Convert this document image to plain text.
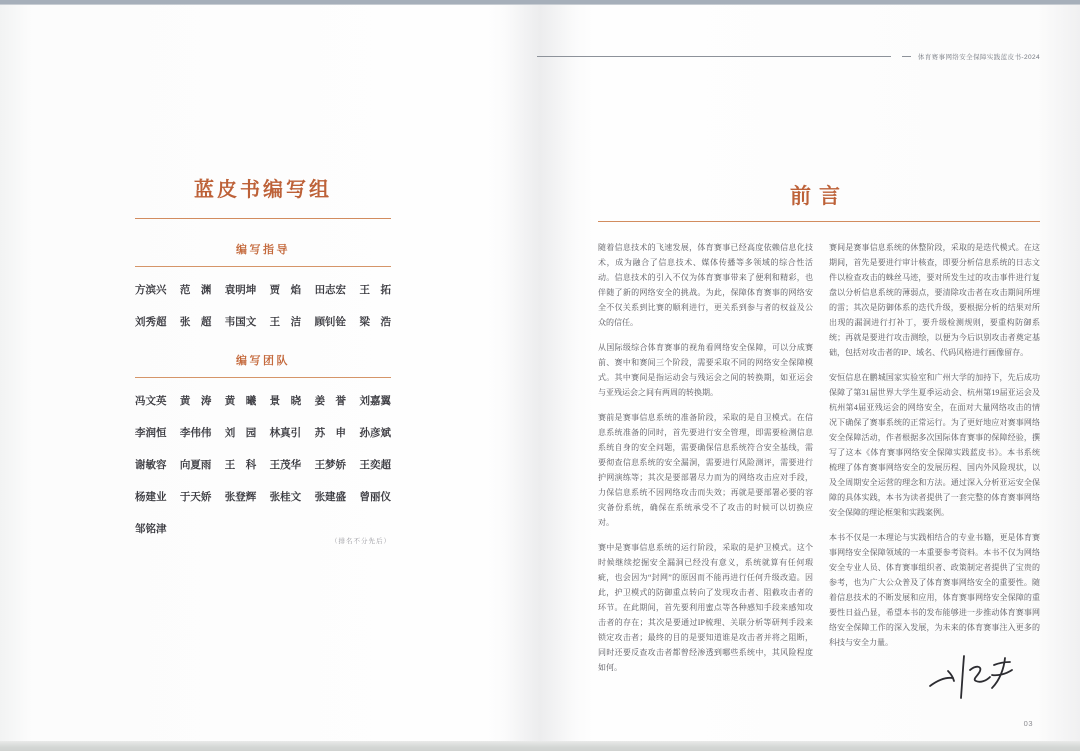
体育赛事网络安全保障实践蓝皮书-2024
蓝皮书编写组
编写指导
方滨兴 范　渊 袁明坤 贾　焰 田志宏 王　拓
刘秀超 张　超 韦国文 王　洁 顾钊铨 梁　浩
编写团队
冯文英 黄　涛 黄　曦 景　晓 姜　誉 刘嘉翼
李润恒 李伟伟 刘　园 林真引 苏　申 孙彦斌
谢敏容 向夏雨 王　科 王茂华 王梦娇 王奕超
杨建业 于天娇 张登辉 张桂文 张建盛 曾丽仪
邹铭津
（排名不分先后）
前言

随着信息技术的飞速发展，体育赛事已经高度依赖信息化技术，成为融合了信息技术、媒体传播等多领域的综合性活动。信息技术的引入不仅为体育赛事带来了便利和精彩，也伴随了新的网络安全的挑战。为此，保障体育赛事的网络安全不仅关系到比赛的顺利进行，更关系到参与者的权益及公众的信任。

从国际级综合体育赛事的视角看网络安全保障，可以分成赛前、赛中和赛间三个阶段，需要采取不同的网络安全保障模式。其中赛间是指运动会与残运会之间的转换期，如亚运会与亚残运会之间有两周的转换期。

赛前是赛事信息系统的准备阶段，采取的是自卫模式。在信息系统准备的同时，首先要进行安全管理，即需要检测信息系统自身的安全问题，需要确保信息系统符合安全基线，需要彻查信息系统的安全漏洞，需要进行风险测评，需要进行护网演练等；其次是要部署尽力而为的网络攻击应对手段，力保信息系统不因网络攻击而失效；再就是要部署必要的容灾备份系统，确保在系统承受不了攻击的时候可以切换应对。

赛中是赛事信息系统的运行阶段，采取的是护卫模式。这个时候继续挖掘安全漏洞已经没有意义，系统就算有任何瑕疵，也会因为“封网”的原因而不能再进行任何升级改造。因此，护卫模式的防御重点转向了发现攻击者、阻截攻击者的环节。在此期间，首先要利用蜜点等各种感知手段来感知攻击者的存在；其次是要通过IP梳理、关联分析等研判手段来锁定攻击者；最终的目的是要知道谁是攻击者并将之阻断，同时还要反查攻击者都曾经渗透到哪些系统中，其风险程度如何。

赛间是赛事信息系统的休整阶段，采取的是迭代模式。在这期间，首先是要进行审计核查，即要分析信息系统的日志文件以检查攻击的蛛丝马迹，要对所发生过的攻击事件进行复盘以分析信息系统的薄弱点，要清除攻击者在攻击期间所埋的雷；其次是防御体系的迭代升级，要根据分析的结果对所出现的漏洞进行打补丁，要升级检测规则，要重构防御系统；再就是要进行攻击测绘，以便为今后识别攻击者奠定基础，包括对攻击者的IP、域名、代码风格进行画像留存。

安恒信息在鹏城国家实验室和广州大学的加持下，先后成功保障了第31届世界大学生夏季运动会、杭州第19届亚运会及杭州第4届亚残运会的网络安全，在面对大量网络攻击的情况下确保了赛事系统的正常运行。为了更好地应对赛事网络安全保障活动，作者根据多次国际体育赛事的保障经验，撰写了这本《体育赛事网络安全保障实践蓝皮书》。本书系统梳理了体育赛事网络安全的发展历程、国内外风险现状，以及全周期安全运营的理念和方法。通过深入分析亚运安全保障的具体实践，本书为读者提供了一套完整的体育赛事网络安全保障的理论框架和实践案例。

本书不仅是一本理论与实践相结合的专业书籍，更是体育赛事网络安全保障领域的一本重要参考资料。本书不仅为网络安全专业人员、体育赛事组织者、政策制定者提供了宝贵的参考，也为广大公众普及了体育赛事网络安全的重要性。随着信息技术的不断发展和应用，体育赛事网络安全保障的重要性日益凸显，希望本书的发布能够进一步推动体育赛事网络安全保障工作的深入发展，为未来的体育赛事注入更多的科技与安全力量。

03
